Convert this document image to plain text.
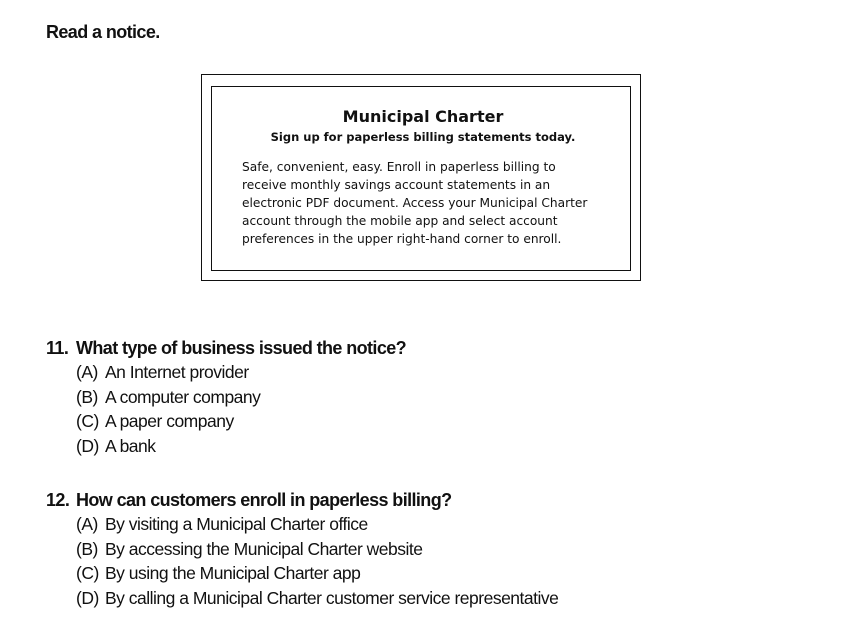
Read a notice.

Municipal Charter

Sign up for paperless billing statements today.

Safe, convenient, easy. Enroll in paperless billing to receive monthly savings account statements in an electronic PDF document. Access your Municipal Charter account through the mobile app and select account preferences in the upper right-hand corner to enroll.

11. What type of business issued the notice?
(A) An Internet provider
(B) A computer company
(C) A paper company
(D) A bank
12. How can customers enroll in paperless billing?
(A) By visiting a Municipal Charter office
(B) By accessing the Municipal Charter website
(C) By using the Municipal Charter app
(D) By calling a Municipal Charter customer service representative
